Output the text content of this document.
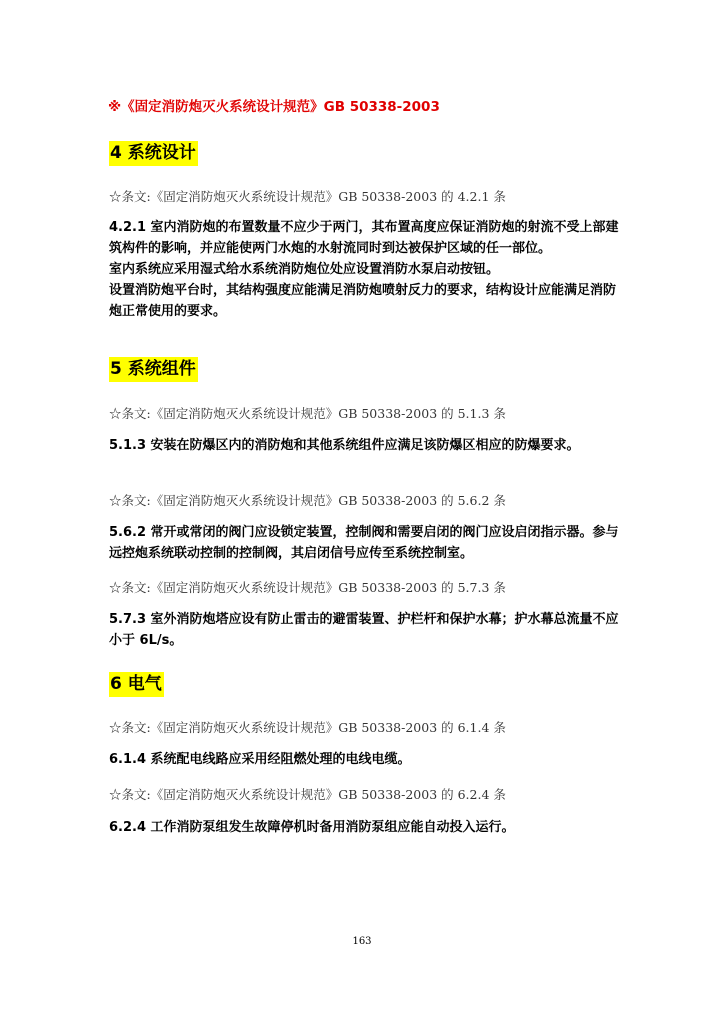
※《固定消防炮灭火系统设计规范》GB 50338-2003
4 系统设计
☆条文:《固定消防炮灭火系统设计规范》GB 50338-2003 的 4.2.1 条
4.2.1 室内消防炮的布置数量不应少于两门，其布置高度应保证消防炮的射流不受上部建筑构件的影响，并应能使两门水炮的水射流同时到达被保护区域的任一部位。
室内系统应采用湿式给水系统消防炮位处应设置消防水泵启动按钮。
设置消防炮平台时，其结构强度应能满足消防炮喷射反力的要求，结构设计应能满足消防炮正常使用的要求。
5 系统组件
☆条文:《固定消防炮灭火系统设计规范》GB 50338-2003 的 5.1.3 条
5.1.3 安装在防爆区内的消防炮和其他系统组件应满足该防爆区相应的防爆要求。
☆条文:《固定消防炮灭火系统设计规范》GB 50338-2003 的 5.6.2 条
5.6.2 常开或常闭的阀门应设锁定装置，控制阀和需要启闭的阀门应设启闭指示器。参与远控炮系统联动控制的控制阀，其启闭信号应传至系统控制室。
☆条文:《固定消防炮灭火系统设计规范》GB 50338-2003 的 5.7.3 条
5.7.3 室外消防炮塔应设有防止雷击的避雷装置、护栏杆和保护水幕；护水幕总流量不应小于 6L/s。
6 电气
☆条文:《固定消防炮灭火系统设计规范》GB 50338-2003 的 6.1.4 条
6.1.4 系统配电线路应采用经阻燃处理的电线电缆。
☆条文:《固定消防炮灭火系统设计规范》GB 50338-2003 的 6.2.4 条
6.2.4 工作消防泵组发生故障停机时备用消防泵组应能自动投入运行。
163
